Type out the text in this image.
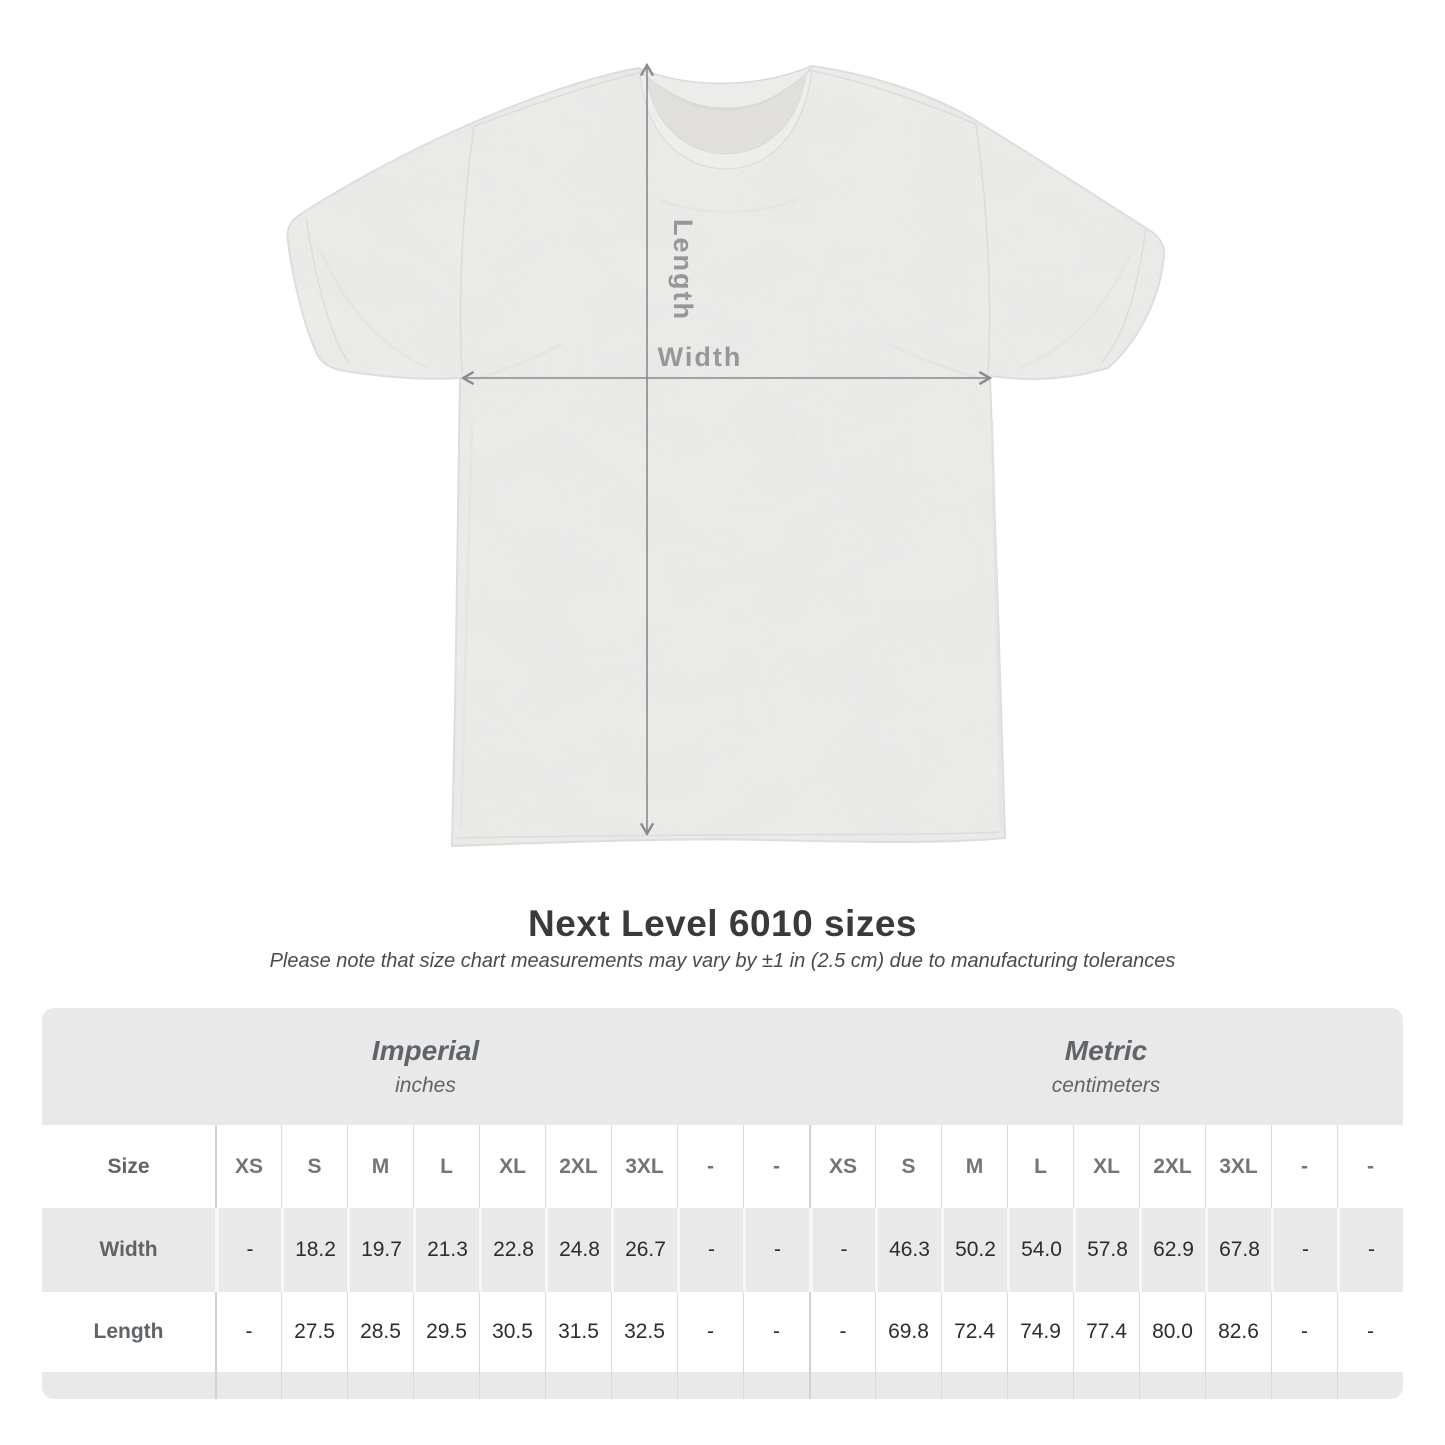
Length
Width
Next Level 6010 sizes
Please note that size chart measurements may vary by ±1 in (2.5 cm) due to manufacturing tolerances
Imperial
inches
Metric
centimeters
Size	XS	S	M	L	XL	2XL	3XL	-	-	XS	S	M	L	XL	2XL	3XL	-	-
Width	-	18.2	19.7	21.3	22.8	24.8	26.7	-	-	-	46.3	50.2	54.0	57.8	62.9	67.8	-	-
Length	-	27.5	28.5	29.5	30.5	31.5	32.5	-	-	-	69.8	72.4	74.9	77.4	80.0	82.6	-	-
